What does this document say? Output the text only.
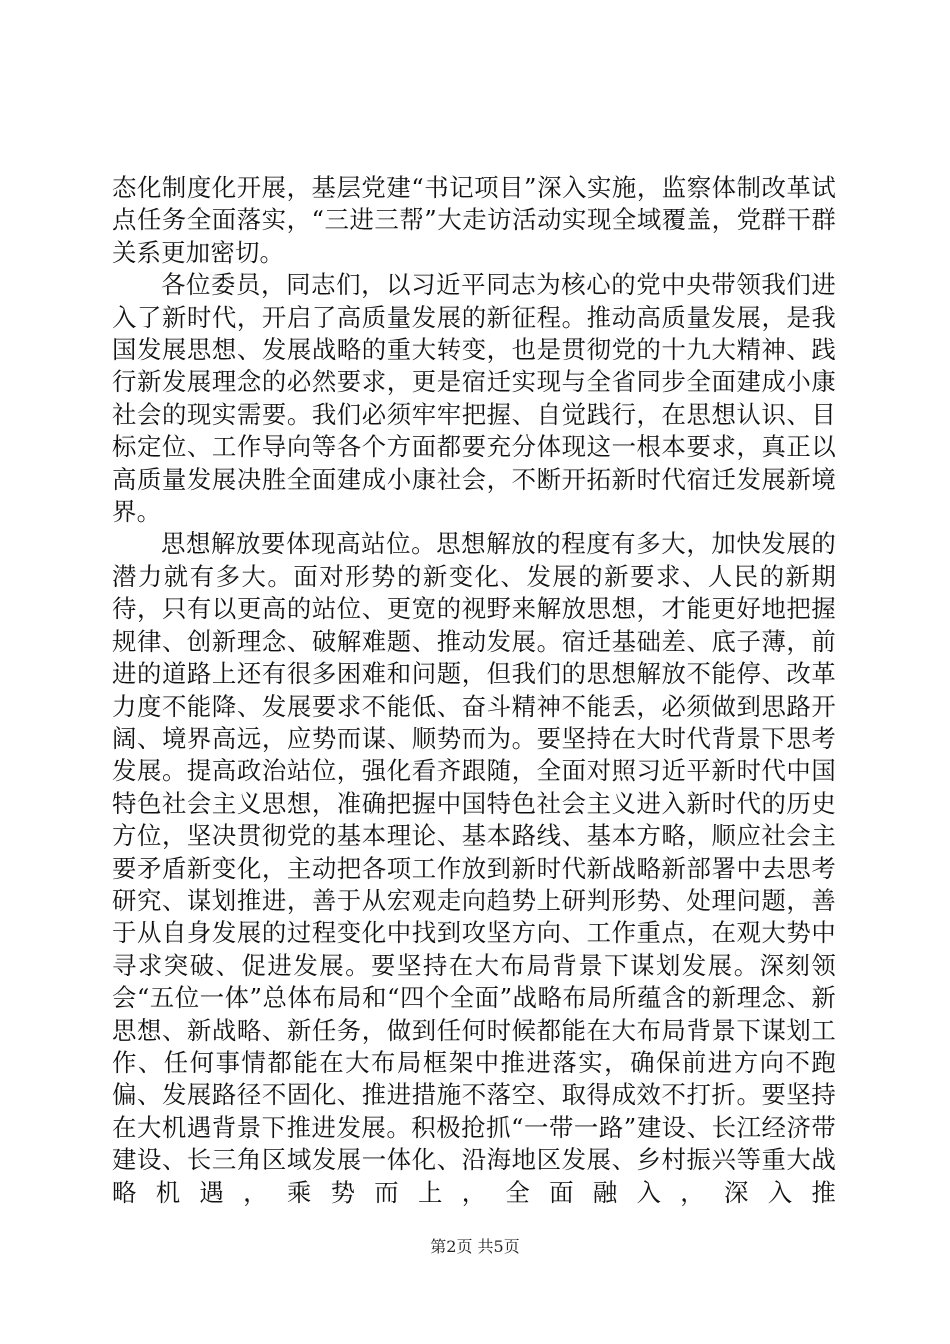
态化制度化开展，基层党建“书记项目”深入实施，监察体制改革试点任务全面落实，“三进三帮”大走访活动实现全域覆盖，党群干群关系更加密切。

各位委员，同志们，以习近平同志为核心的党中央带领我们进入了新时代，开启了高质量发展的新征程。推动高质量发展，是我国发展思想、发展战略的重大转变，也是贯彻党的十九大精神、践行新发展理念的必然要求，更是宿迁实现与全省同步全面建成小康社会的现实需要。我们必须牢牢把握、自觉践行，在思想认识、目标定位、工作导向等各个方面都要充分体现这一根本要求，真正以高质量发展决胜全面建成小康社会，不断开拓新时代宿迁发展新境界。

思想解放要体现高站位。思想解放的程度有多大，加快发展的潜力就有多大。面对形势的新变化、发展的新要求、人民的新期待，只有以更高的站位、更宽的视野来解放思想，才能更好地把握规律、创新理念、破解难题、推动发展。宿迁基础差、底子薄，前进的道路上还有很多困难和问题，但我们的思想解放不能停、改革力度不能降、发展要求不能低、奋斗精神不能丢，必须做到思路开阔、境界高远，应势而谋、顺势而为。要坚持在大时代背景下思考发展。提高政治站位，强化看齐跟随，全面对照习近平新时代中国特色社会主义思想，准确把握中国特色社会主义进入新时代的历史方位，坚决贯彻党的基本理论、基本路线、基本方略，顺应社会主要矛盾新变化，主动把各项工作放到新时代新战略新部署中去思考研究、谋划推进，善于从宏观走向趋势上研判形势、处理问题，善于从自身发展的过程变化中找到攻坚方向、工作重点，在观大势中寻求突破、促进发展。要坚持在大布局背景下谋划发展。深刻领会“五位一体”总体布局和“四个全面”战略布局所蕴含的新理念、新思想、新战略、新任务，做到任何时候都能在大布局背景下谋划工作、任何事情都能在大布局框架中推进落实，确保前进方向不跑偏、发展路径不固化、推进措施不落空、取得成效不打折。要坚持在大机遇背景下推进发展。积极抢抓“一带一路”建设、长江经济带建设、长三角区域发展一体化、沿海地区发展、乡村振兴等重大战略机遇，乘势而上，全面融入，深入推

第2页 共5页
